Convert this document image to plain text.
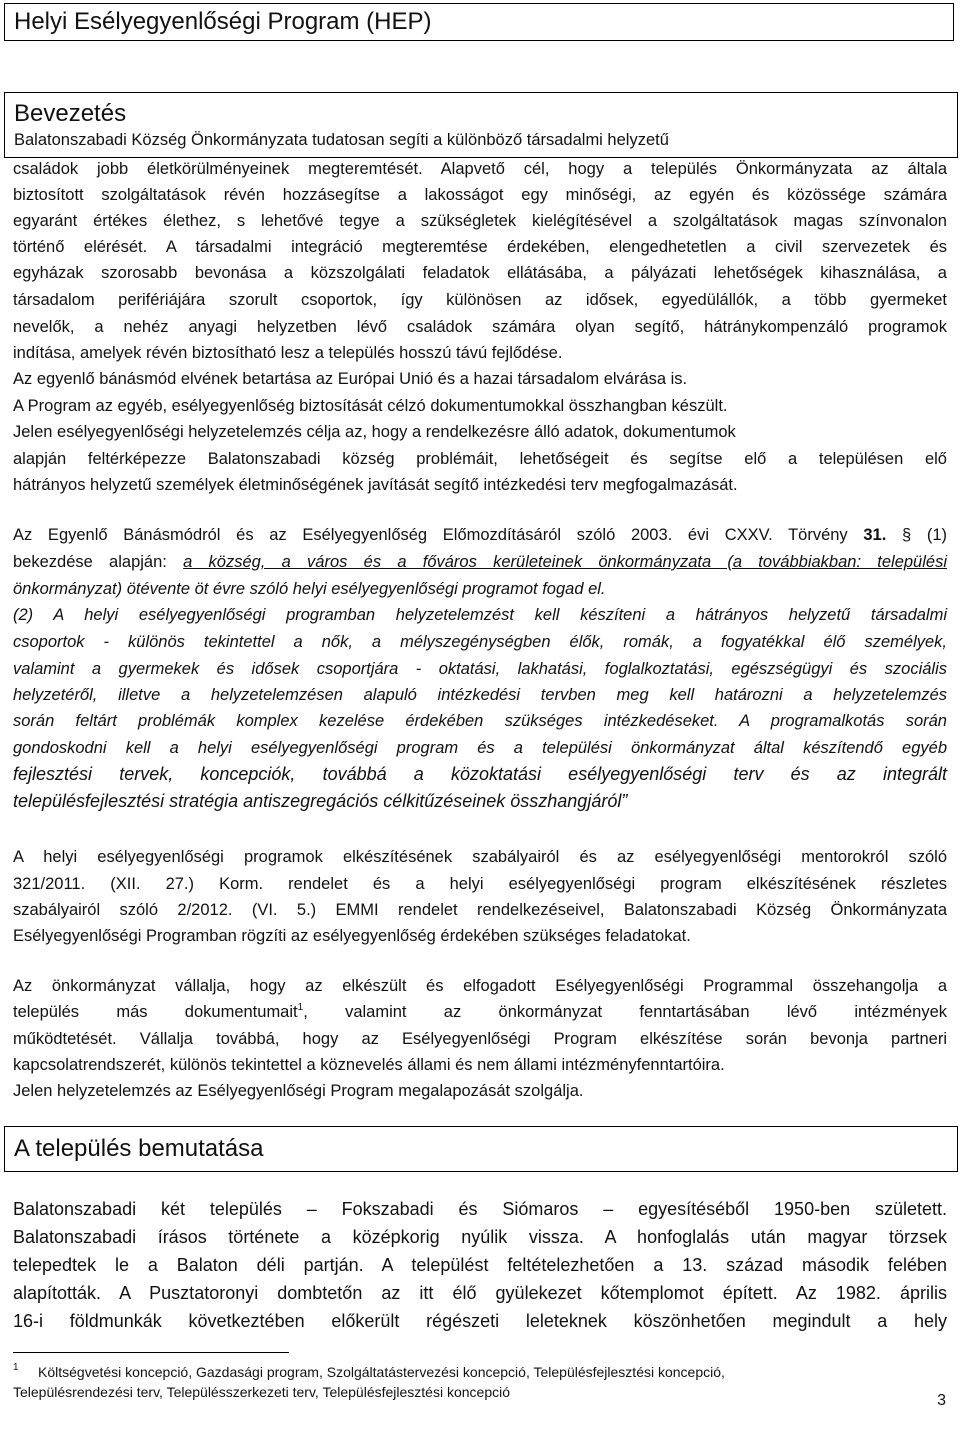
Helyi Esélyegyenlőségi Program (HEP)
Bevezetés
Balatonszabadi Község Önkormányzata tudatosan segíti a különböző társadalmi helyzetű

családok jobb életkörülményeinek megteremtését. Alapvető cél, hogy a település Önkormányzata az általa

biztosított szolgáltatások révén hozzásegítse a lakosságot egy minőségi, az egyén és közössége számára

egyaránt értékes élethez, s lehetővé tegye a szükségletek kielégítésével a szolgáltatások magas színvonalon

történő elérését. A társadalmi integráció megteremtése érdekében, elengedhetetlen a civil szervezetek és

egyházak szorosabb bevonása a közszolgálati feladatok ellátásába, a pályázati lehetőségek kihasználása, a

társadalom perifériájára szorult csoportok, így különösen az idősek, egyedülállók, a több gyermeket

nevelők, a nehéz anyagi helyzetben lévő családok számára olyan segítő, hátránykompenzáló programok

indítása, amelyek révén biztosítható lesz a település hosszú távú fejlődése.

Az egyenlő bánásmód elvének betartása az Európai Unió és a hazai társadalom elvárása is.

A Program az egyéb, esélyegyenlőség biztosítását célzó dokumentumokkal összhangban készült.

Jelen esélyegyenlőségi helyzetelemzés célja az, hogy a rendelkezésre álló adatok, dokumentumok

alapján feltérképezze Balatonszabadi község problémáit, lehetőségeit és segítse elő a településen elő

hátrányos helyzetű személyek életminőségének javítását segítő intézkedési terv megfogalmazását.

Az Egyenlő Bánásmódról és az Esélyegyenlőség Előmozdításáról szóló 2003. évi CXXV. Törvény 31. § (1)

bekezdése alapján: a község, a város és a főváros kerületeinek önkormányzata (a továbbiakban: települési

önkormányzat) ötévente öt évre szóló helyi esélyegyenlőségi programot fogad el.

(2) A helyi esélyegyenlőségi programban helyzetelemzést kell készíteni a hátrányos helyzetű társadalmi

csoportok - különös tekintettel a nők, a mélyszegénységben élők, romák, a fogyatékkal élő személyek,

valamint a gyermekek és idősek csoportjára - oktatási, lakhatási, foglalkoztatási, egészségügyi és szociális

helyzetéről, illetve a helyzetelemzésen alapuló intézkedési tervben meg kell határozni a helyzetelemzés

során feltárt problémák komplex kezelése érdekében szükséges intézkedéseket. A programalkotás során

gondoskodni kell a helyi esélyegyenlőségi program és a települési önkormányzat által készítendő egyéb

fejlesztési tervek, koncepciók, továbbá a közoktatási esélyegyenlőségi terv és az integrált

településfejlesztési stratégia antiszegregációs célkitűzéseinek összhangjáról”

A helyi esélyegyenlőségi programok elkészítésének szabályairól és az esélyegyenlőségi mentorokról szóló

321/2011. (XII. 27.) Korm. rendelet és a helyi esélyegyenlőségi program elkészítésének részletes

szabályairól szóló 2/2012. (VI. 5.) EMMI rendelet rendelkezéseivel, Balatonszabadi Község Önkormányzata

Esélyegyenlőségi Programban rögzíti az esélyegyenlőség érdekében szükséges feladatokat.

Az önkormányzat vállalja, hogy az elkészült és elfogadott Esélyegyenlőségi Programmal összehangolja a

település más dokumentumait$^1$, valamint az önkormányzat fenntartásában lévő intézmények

működtetését. Vállalja továbbá, hogy az Esélyegyenlőségi Program elkészítése során bevonja partneri

kapcsolatrendszerét, különös tekintettel a köznevelés állami és nem állami intézményfenntartóira.

Jelen helyzetelemzés az Esélyegyenlőségi Program megalapozását szolgálja.

A település bemutatása

Balatonszabadi két település – Fokszabadi és Siómaros – egyesítéséből 1950-ben született.

Balatonszabadi írásos története a középkorig nyúlik vissza. A honfoglalás után magyar törzsek

telepedtek le a Balaton déli partján. A települést feltételezhetően a 13. század második felében

alapították. A Pusztatoronyi dombtetőn az itt élő gyülekezet kőtemplomot épített. Az 1982. április

16-i földmunkák következtében előkerült régészeti leleteknek köszönhetően megindult a hely

$^1$ Költségvetési koncepció, Gazdasági program, Szolgáltatástervezési koncepció, Településfejlesztési koncepció,

Településrendezési terv, Településszerkezeti terv, Településfejlesztési koncepció	3
